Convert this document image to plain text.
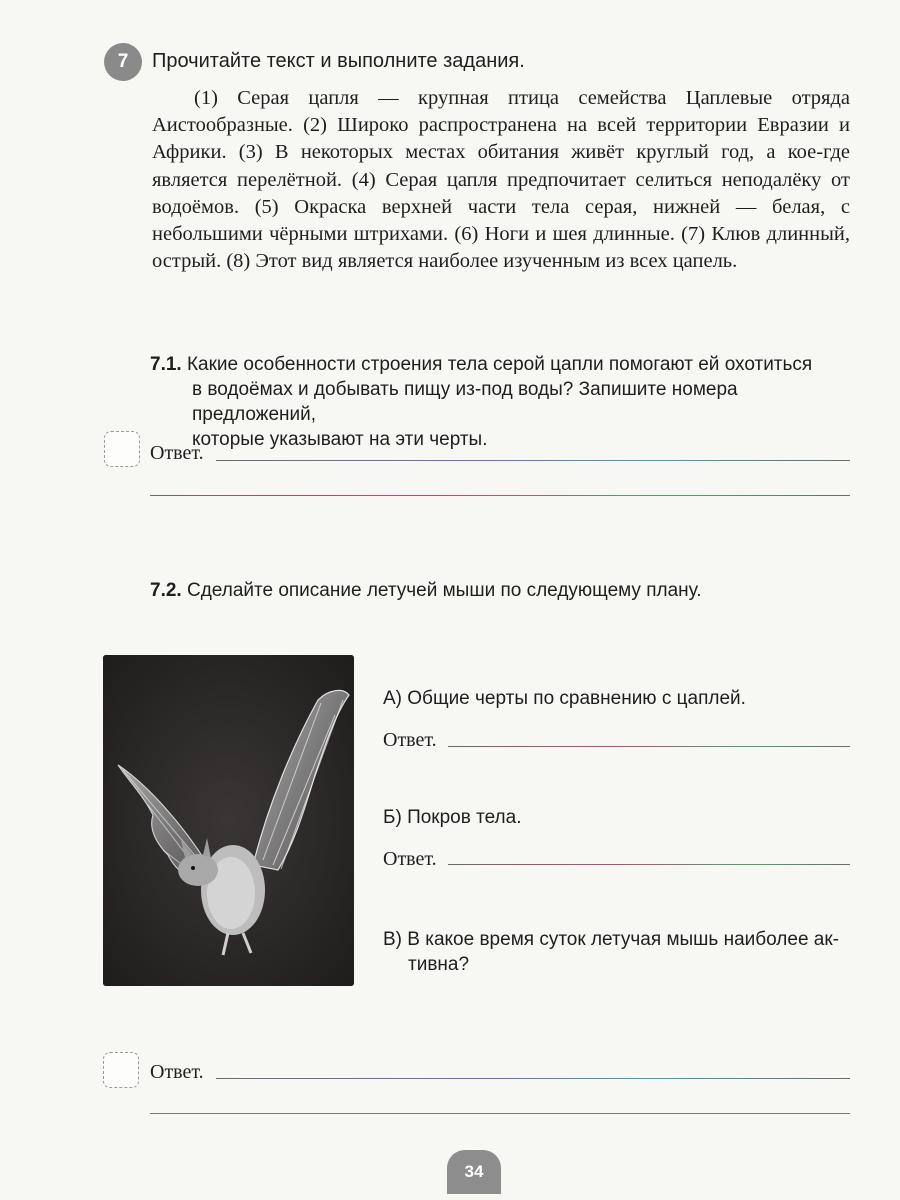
7	Прочитайте текст и выполните задания.

(1) Серая цапля — крупная птица семейства Цаплевые отряда Аистообразные. (2) Широко распространена на всей территории Евразии и Африки. (3) В некоторых местах обитания живёт круглый год, а кое-где является перелётной. (4) Серая цапля предпочитает селиться неподалёку от водоёмов. (5) Окраска верхней части тела серая, нижней — белая, с небольшими чёрными штрихами. (6) Ноги и шея длинные. (7) Клюв длинный, острый. (8) Этот вид является наиболее изученным из всех цапель.

7.1. Какие особенности строения тела серой цапли помогают ей охотиться
в водоёмах и добывать пищу из-под воды? Запишите номера предложений,
которые указывают на эти черты.
Ответ.
7.2. Сделайте описание летучей мыши по следующему плану.
А) Общие черты по сравнению с цаплей.
Ответ.
Б) Покров тела.
Ответ.
В) В какое время суток летучая мышь наиболее ак-
тивна?
Ответ.
34
